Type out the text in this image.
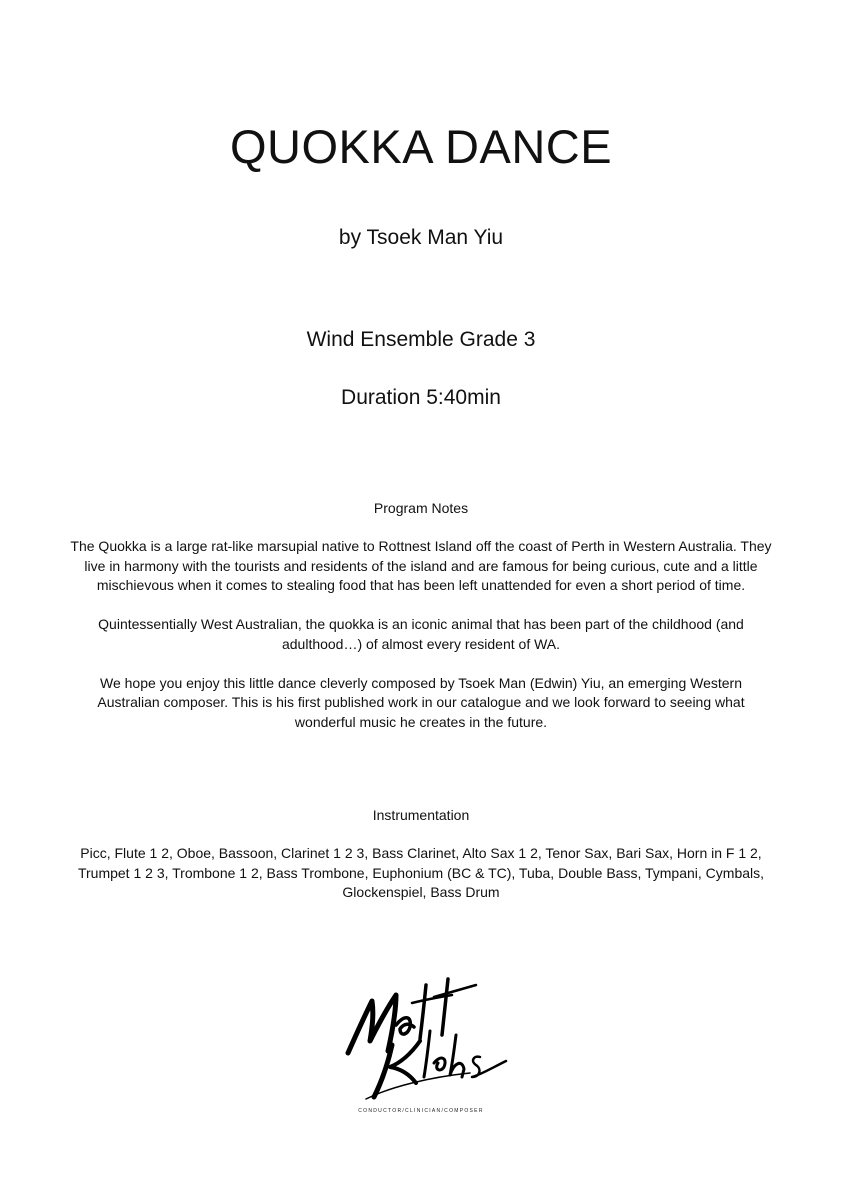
QUOKKA DANCE
by Tsoek Man Yiu
Wind Ensemble Grade 3
Duration 5:40min
Program Notes

The Quokka is a large rat-like marsupial native to Rottnest Island off the coast of Perth in Western Australia. They live in harmony with the tourists and residents of the island and are famous for being curious, cute and a little mischievous when it comes to stealing food that has been left unattended for even a short period of time.

Quintessentially West Australian, the quokka is an iconic animal that has been part of the childhood (and adulthood…) of almost every resident of WA.

We hope you enjoy this little dance cleverly composed by Tsoek Man (Edwin) Yiu, an emerging Western Australian composer. This is his first published work in our catalogue and we look forward to seeing what wonderful music he creates in the future.

Instrumentation
Picc, Flute 1 2, Oboe, Bassoon, Clarinet 1 2 3, Bass Clarinet, Alto Sax 1 2, Tenor Sax, Bari Sax, Horn in F 1 2, Trumpet 1 2 3, Trombone 1 2, Bass Trombone, Euphonium (BC & TC), Tuba, Double Bass, Tympani, Cymbals, Glockenspiel, Bass Drum
CONDUCTOR/CLINICIAN/COMPOSER
